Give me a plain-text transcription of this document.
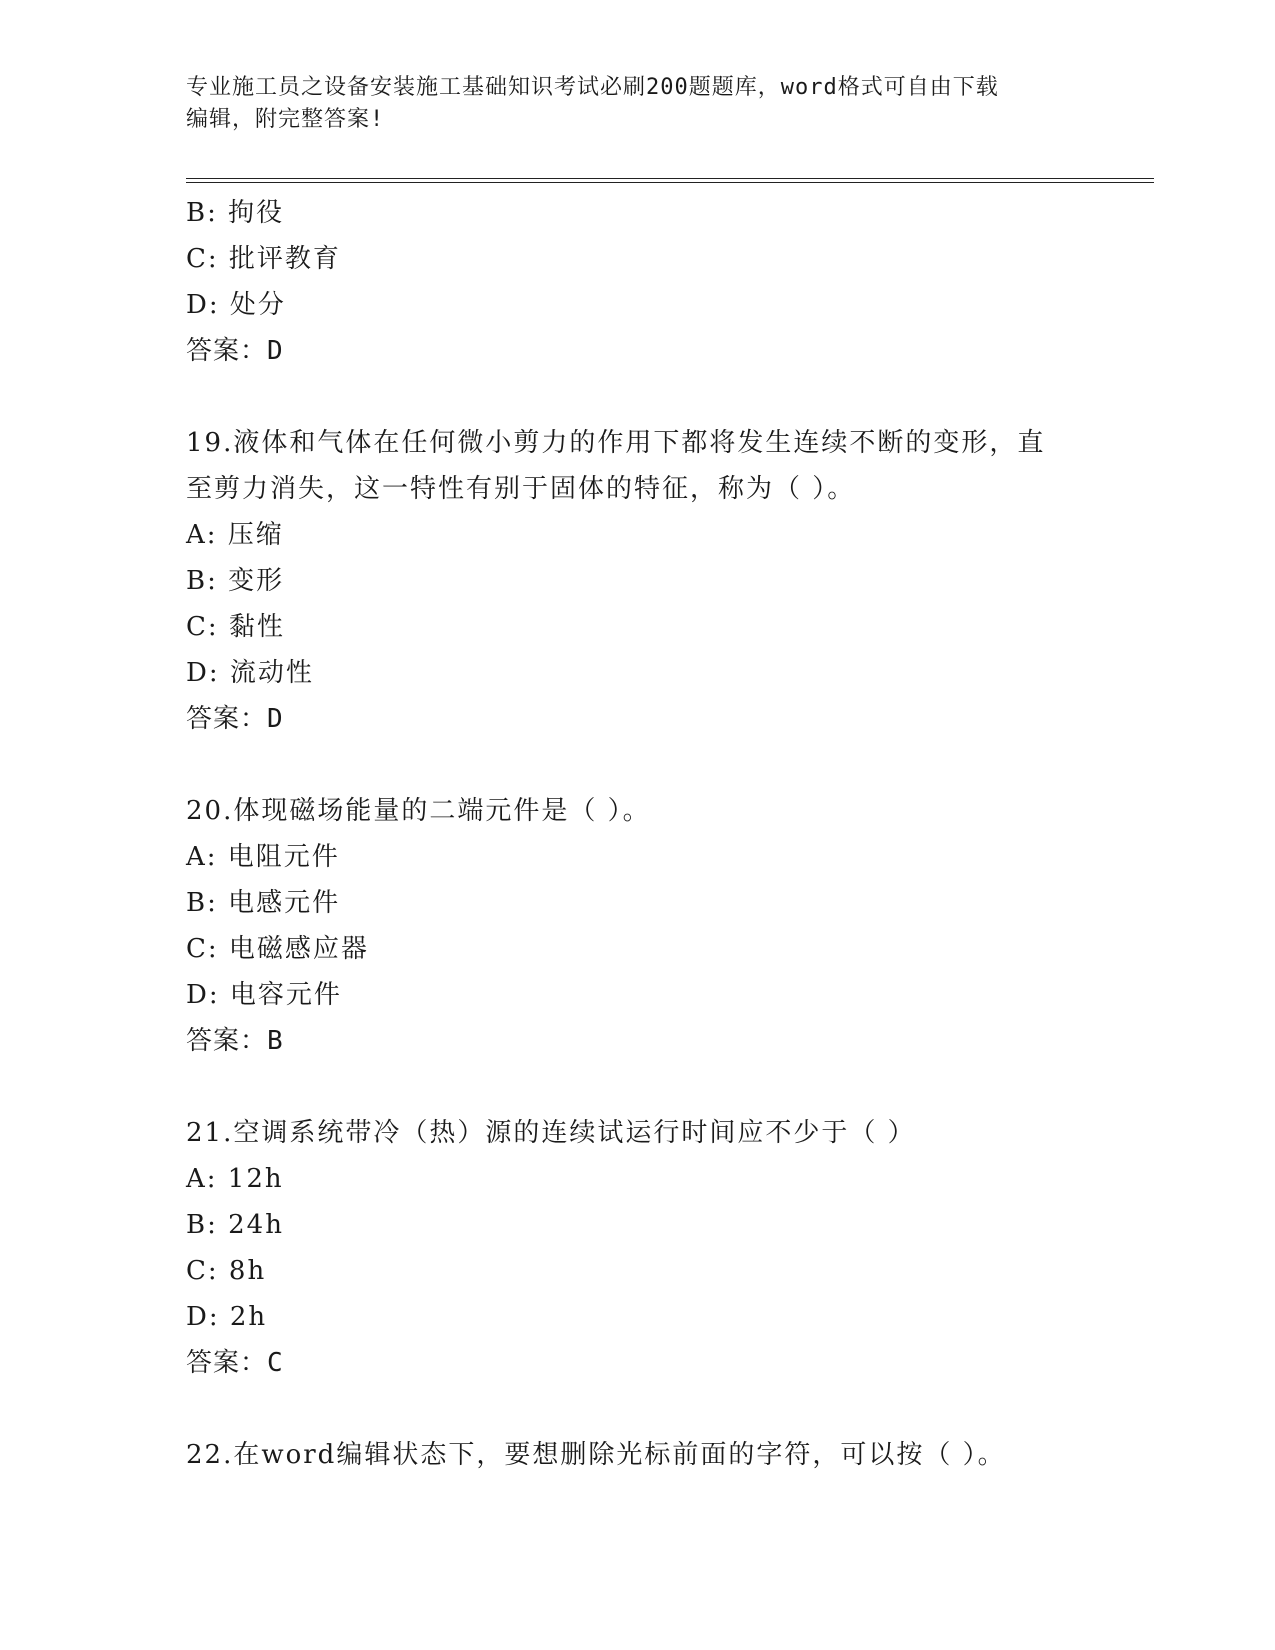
专业施工员之设备安装施工基础知识考试必刷200题题库，word格式可自由下载
编辑，附完整答案!
B: 拘役
C: 批评教育
D: 处分
答案：D
19.液体和气体在任何微小剪力的作用下都将发生连续不断的变形，直
至剪力消失，这一特性有别于固体的特征，称为（ ）。
A: 压缩
B: 变形
C: 黏性
D: 流动性
答案：D
20.体现磁场能量的二端元件是（ ）。
A: 电阻元件
B: 电感元件
C: 电磁感应器
D: 电容元件
答案：B
21.空调系统带冷（热）源的连续试运行时间应不少于（ ）
A: 12h
B: 24h
C: 8h
D: 2h
答案：C
22.在word编辑状态下，要想删除光标前面的字符，可以按（ ）。
